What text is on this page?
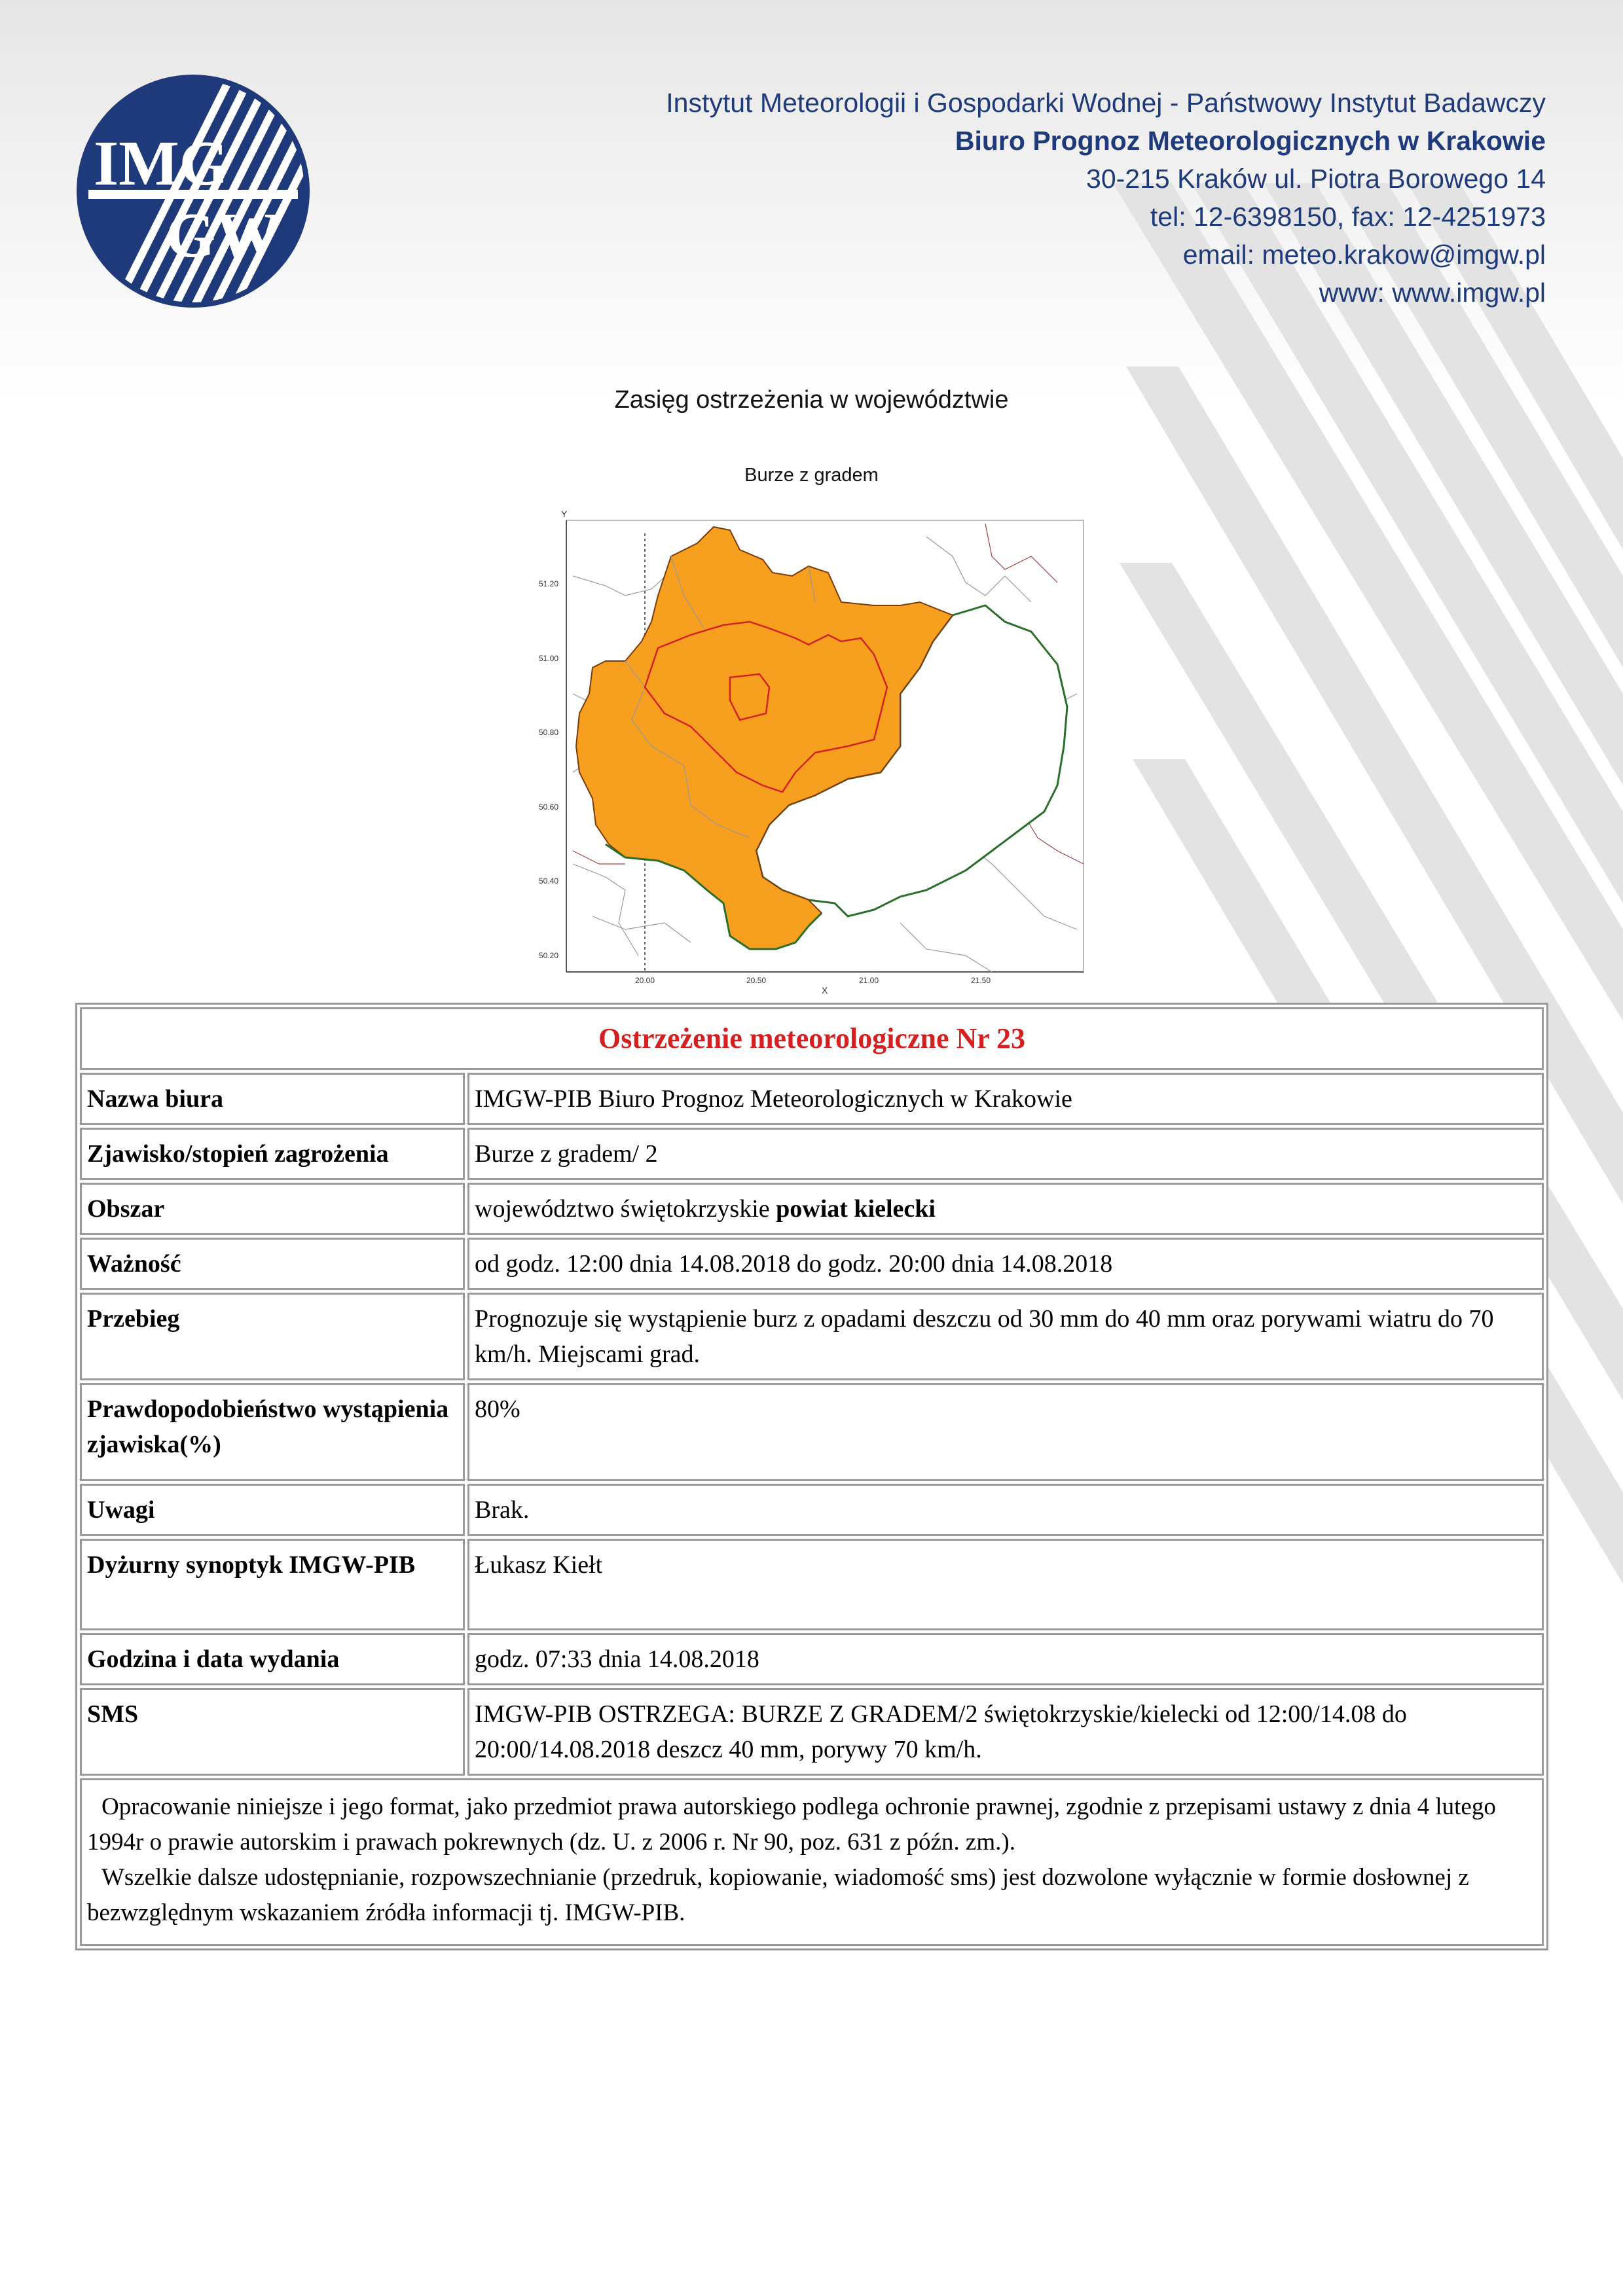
IMG
GW
Instytut Meteorologii i Gospodarki Wodnej - Państwowy Instytut Badawczy
Biuro Prognoz Meteorologicznych w Krakowie
30-215 Kraków ul. Piotra Borowego 14
tel: 12-6398150, fax: 12-4251973
email: meteo.krakow@imgw.pl
www: www.imgw.pl
Zasięg ostrzeżenia w województwie
Burze z gradem
Y
X
51.20
51.00
50.80
50.60
50.40
50.20
20.00	20.50	21.00	21.50
Ostrzeżenie meteorologiczne Nr 23	
Nazwa biura	IMGW-PIB Biuro Prognoz Meteorologicznych w Krakowie
Zjawisko/stopień zagrożenia	Burze z gradem/ 2
Obszar	województwo świętokrzyskie powiat kielecki
Ważność	od godz. 12:00 dnia 14.08.2018 do godz. 20:00 dnia 14.08.2018
Przebieg	Prognozuje się wystąpienie burz z opadami deszczu od 30 mm do 40 mm oraz porywami wiatru do 70 km/h. Miejscami grad.
Prawdopodobieństwo wystąpienia zjawiska(%)	80%
Uwagi	Brak.
Dyżurny synoptyk IMGW-PIB	Łukasz Kiełt
Godzina i data wydania	godz. 07:33 dnia 14.08.2018
SMS	IMGW-PIB OSTRZEGA: BURZE Z GRADEM/2 świętokrzyskie/kielecki od 12:00/14.08 do 20:00/14.08.2018 deszcz 40 mm, porywy 70 km/h.

Opracowanie niniejsze i jego format, jako przedmiot prawa autorskiego podlega ochronie prawnej, zgodnie z przepisami ustawy z dnia 4 lutego 1994r o prawie autorskim i prawach pokrewnych (dz. U. z 2006 r. Nr 90, poz. 631 z późn. zm.).
Wszelkie dalsze udostępnianie, rozpowszechnianie (przedruk, kopiowanie, wiadomość sms) jest dozwolone wyłącznie w formie dosłownej z bezwzględnym wskazaniem źródła informacji tj. IMGW-PIB.	
